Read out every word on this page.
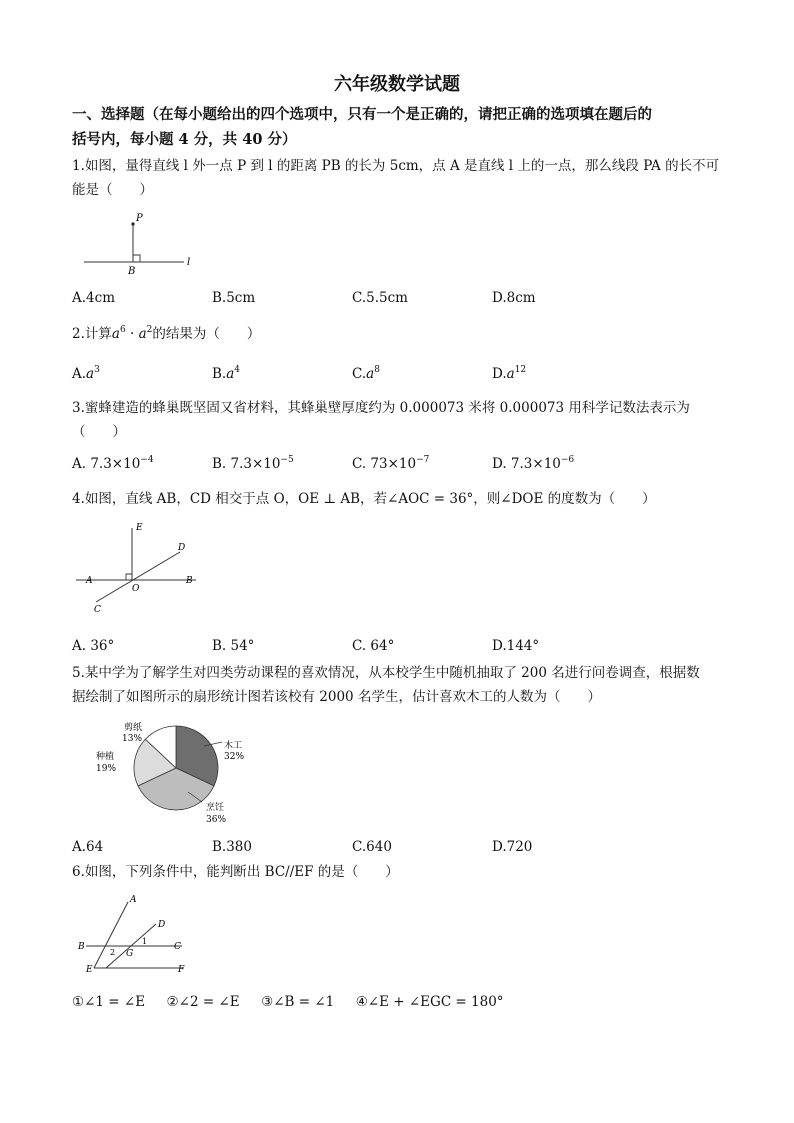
六年级数学试题
一、选择题（在每小题给出的四个选项中，只有一个是正确的，请把正确的选项填在题后的
括号内，每小题 4 分，共 40 分）
1.如图，量得直线 l 外一点 P 到 l 的距离 PB 的长为 5cm，点 A 是直线 l 上的一点，那么线段 PA 的长不可
能是（　　）
P
B
l
A.4cm	B.5cm	C.5.5cm	D.8cm
2.计算$a^6 \cdot a^2$的结果为（　　）
$A.a^3$	$B.a^4$	$C.a^8$	$D.a^{12}$
3.蜜蜂建造的蜂巢既坚固又省材料，其蜂巢壁厚度约为 0.000073 米将 0.000073 用科学记数法表示为
（　　）
A. $7.3\times 10^{-4}$	B. $7.3\times 10^{-5}$	C. $73\times 10^{-7}$	D. $7.3\times 10^{-6}$
4.如图，直线 AB，CD 相交于点 O，OE ⊥ AB，若∠AOC = 36°，则∠DOE 的度数为（　　）
E
D
A
O
B
C
A. 36°	B. 54°	C. 64°	D.144°
5.某中学为了解学生对四类劳动课程的喜欢情况，从本校学生中随机抽取了 200 名进行问卷调查，根据数
据绘制了如图所示的扇形统计图若该校有 2000 名学生，估计喜欢木工的人数为（　　）
剪纸
13%
种植
19%
木工
32%
烹饪
36%
A.64	B.380	C.640	D.720
6.如图，下列条件中，能判断出 BC//EF 的是（　　）
A
D
B	C
G
E	F
1
2
①∠1 = ∠E ②∠2 = ∠E ③∠B = ∠1 ④∠E + ∠EGC = 180°
